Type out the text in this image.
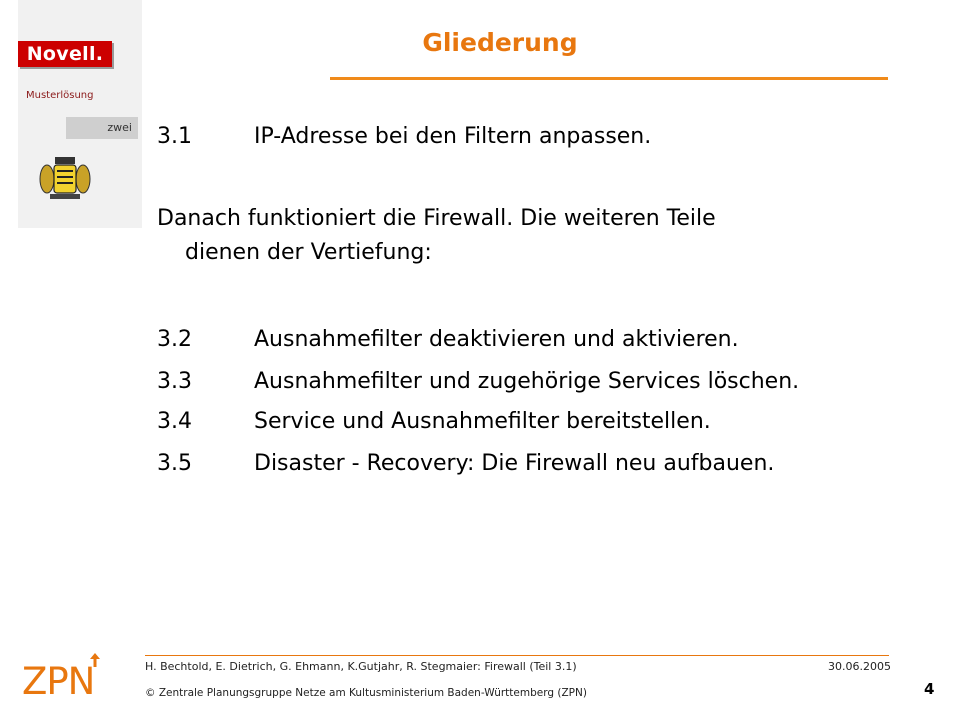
Novell.
Musterlösung
zwei
Gliederung
3.1	IP-Adresse bei den Filtern anpassen.
Danach funktioniert die Firewall. Die weiteren Teile
dienen der Vertiefung:
3.2	Ausnahmefilter deaktivieren und aktivieren.
3.3	Ausnahmefilter und zugehörige Services löschen.
3.4	Service und Ausnahmefilter bereitstellen.
3.5	Disaster - Recovery: Die Firewall neu aufbauen.
H. Bechtold, E. Dietrich, G. Ehmann, K.Gutjahr, R. Stegmaier: Firewall (Teil 3.1)	30.06.2005
© Zentrale Planungsgruppe Netze am Kultusministerium Baden-Württemberg (ZPN)	4
ZPN
